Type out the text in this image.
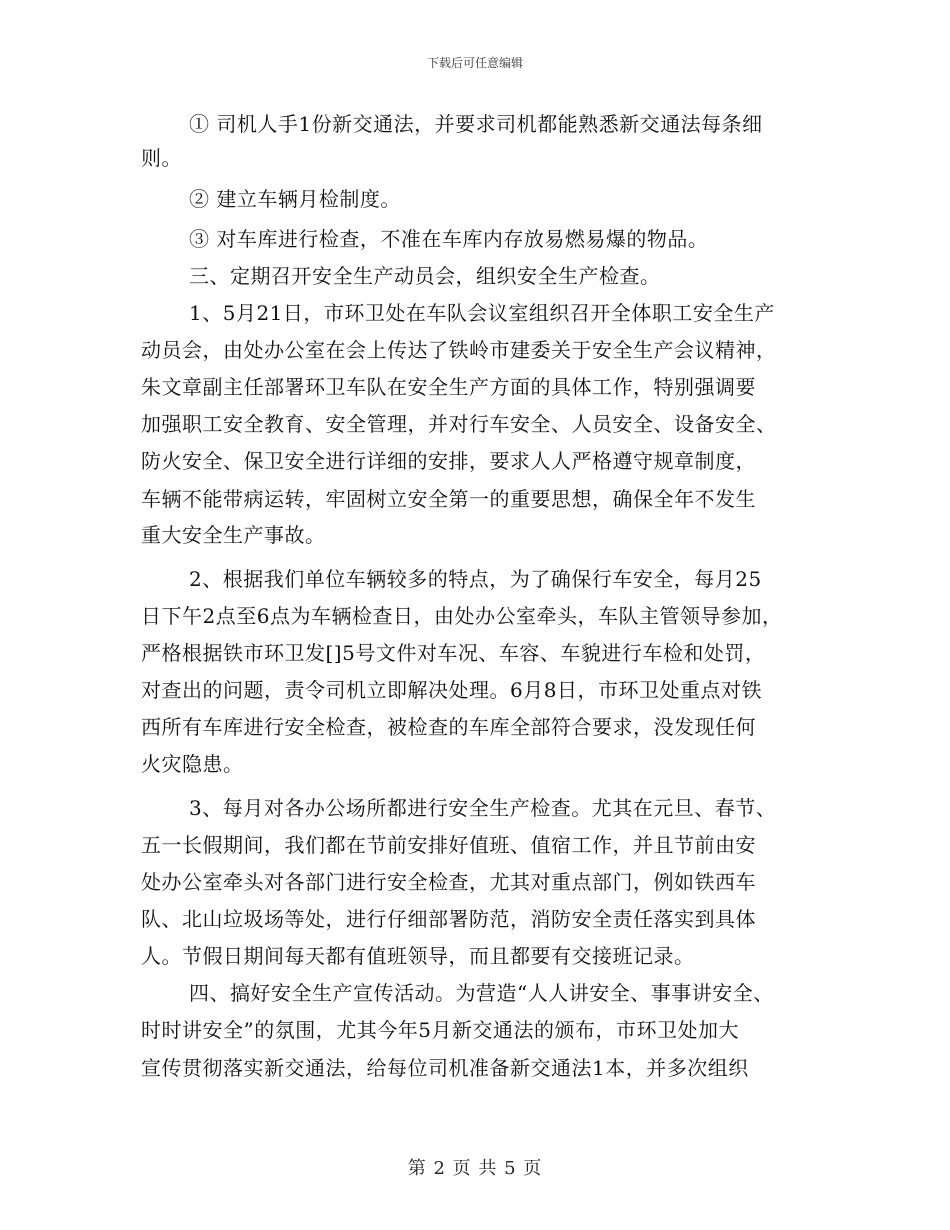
下载后可任意编辑
① 司机人手1份新交通法，并要求司机都能熟悉新交通法每条细
则。
② 建立车辆月检制度。
③ 对车库进行检查，不准在车库内存放易燃易爆的物品。
三、定期召开安全生产动员会，组织安全生产检查。
1、5月21日，市环卫处在车队会议室组织召开全体职工安全生产
动员会，由处办公室在会上传达了铁岭市建委关于安全生产会议精神，
朱文章副主任部署环卫车队在安全生产方面的具体工作，特别强调要
加强职工安全教育、安全管理，并对行车安全、人员安全、设备安全、
防火安全、保卫安全进行详细的安排，要求人人严格遵守规章制度，
车辆不能带病运转，牢固树立安全第一的重要思想，确保全年不发生
重大安全生产事故。
2、根据我们单位车辆较多的特点，为了确保行车安全，每月25
日下午2点至6点为车辆检查日，由处办公室牵头，车队主管领导参加，
严格根据铁市环卫发[]5号文件对车况、车容、车貌进行车检和处罚，
对查出的问题，责令司机立即解决处理。6月8日，市环卫处重点对铁
西所有车库进行安全检查，被检查的车库全部符合要求，没发现任何
火灾隐患。
3、每月对各办公场所都进行安全生产检查。尤其在元旦、春节、
五一长假期间，我们都在节前安排好值班、值宿工作，并且节前由安
处办公室牵头对各部门进行安全检查，尤其对重点部门，例如铁西车
队、北山垃圾场等处，进行仔细部署防范，消防安全责任落实到具体
人。节假日期间每天都有值班领导，而且都要有交接班记录。
四、搞好安全生产宣传活动。为营造“人人讲安全、事事讲安全、
时时讲安全”的氛围，尤其今年5月新交通法的颁布，市环卫处加大
宣传贯彻落实新交通法，给每位司机准备新交通法1本，并多次组织
第 2 页 共 5 页
